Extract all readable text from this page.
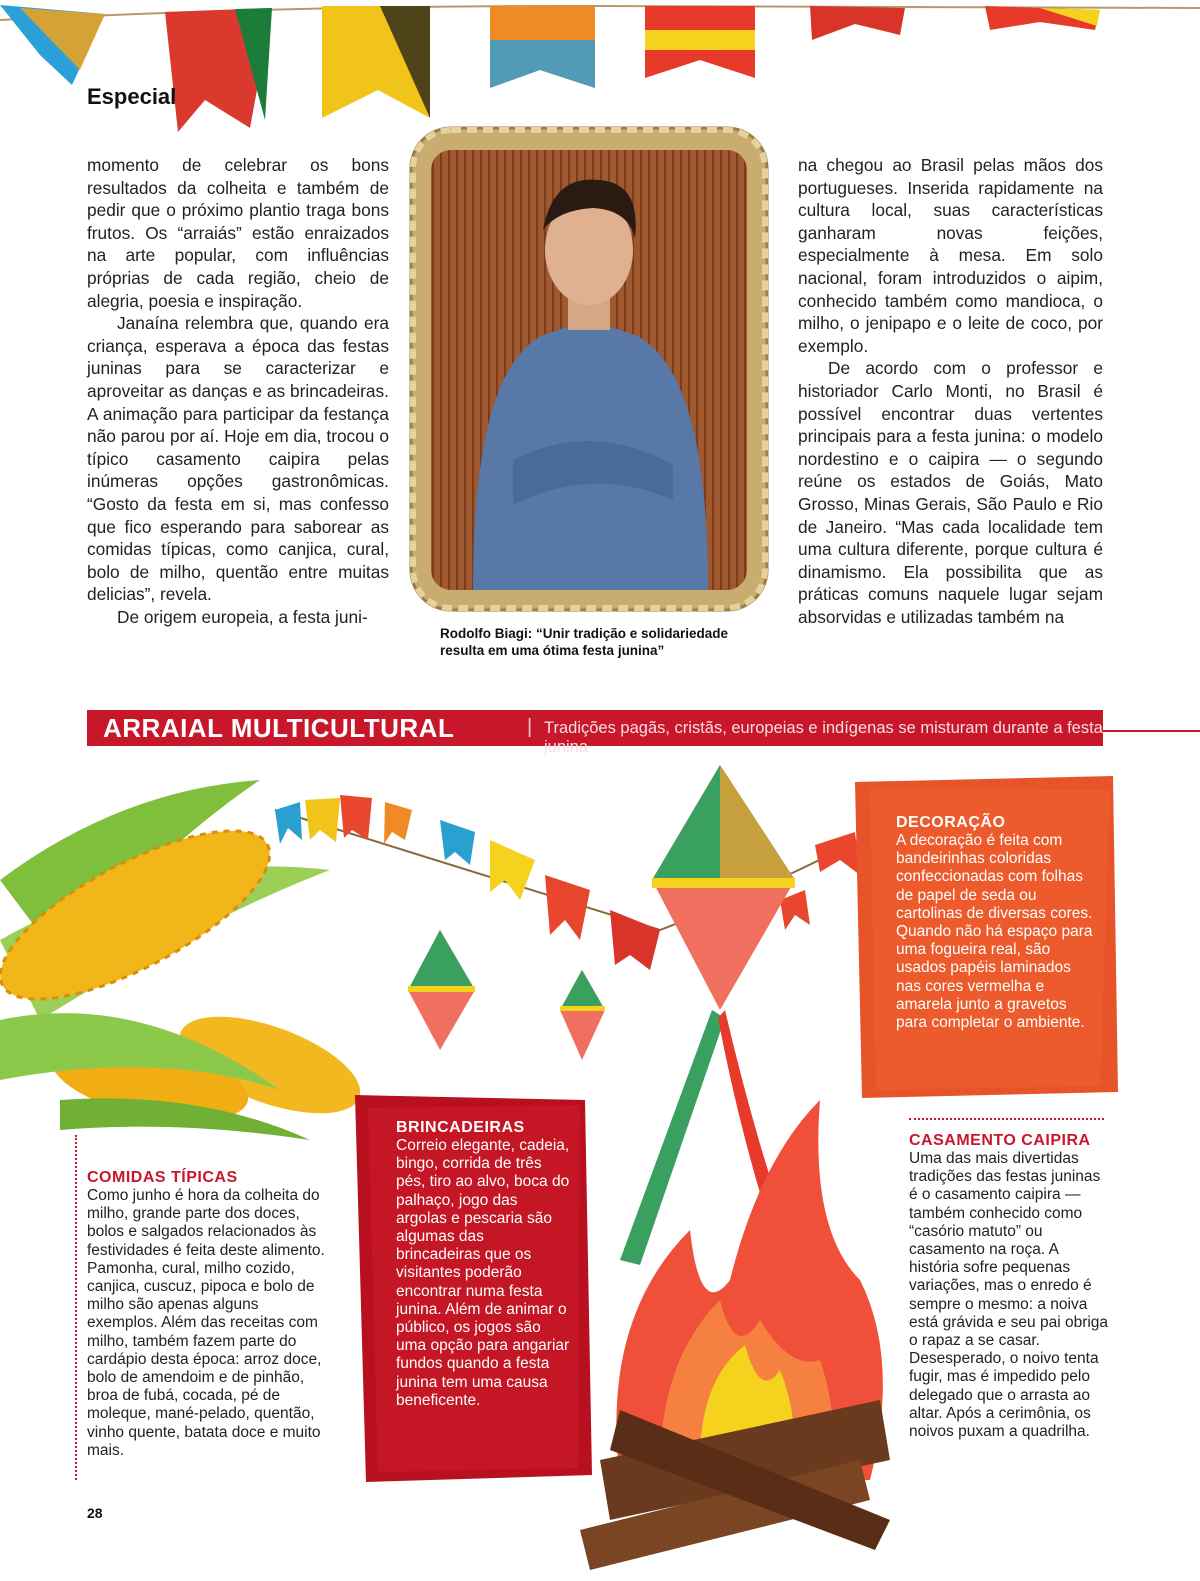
Especial

momento de celebrar os bons resultados da colheita e também de pedir que o próximo plantio traga bons frutos. Os “arraiás” estão enraizados na arte popular, com influências próprias de cada região, cheio de alegria, poesia e inspiração.

Janaína relembra que, quando era criança, esperava a época das festas juninas para se caracterizar e aproveitar as danças e as brincadeiras. A animação para participar da festança não parou por aí. Hoje em dia, trocou o típico casamento caipira pelas inúmeras opções gastronômicas. “Gosto da festa em si, mas confesso que fico esperando para saborear as comidas típicas, como canjica, cural, bolo de milho, quentão entre muitas delicias”, revela.

De origem europeia, a festa juni-

Rodolfo Biagi: “Unir tradição e solidariedade resulta em uma ótima festa junina”

na chegou ao Brasil pelas mãos dos portugueses. Inserida rapidamente na cultura local, suas características ganharam novas feições, especialmente à mesa. Em solo nacional, foram introduzidos o aipim, conhecido também como mandioca, o milho, o jenipapo e o leite de coco, por exemplo.

De acordo com o professor e historiador Carlo Monti, no Brasil é possível encontrar duas vertentes principais para a festa junina: o modelo nordestino e o caipira — o segundo reúne os estados de Goiás, Mato Grosso, Minas Gerais, São Paulo e Rio de Janeiro. “Mas cada localidade tem uma cultura diferente, porque cultura é dinamismo. Ela possibilita que as práticas comuns naquele lugar sejam absorvidas e utilizadas também na

ARRAIAL MULTICULTURAL	| Tradições pagãs, cristãs, europeias e indígenas se misturam durante a festa junina
DECORAÇÃO
A decoração é feita com bandeirinhas coloridas confeccionadas com folhas de papel de seda ou cartolinas de diversas cores. Quando não há espaço para uma fogueira real, são usados papéis laminados nas cores vermelha e amarela junto a gravetos para completar o ambiente.
BRINCADEIRAS
Correio elegante, cadeia, bingo, corrida de três pés, tiro ao alvo, boca do palhaço, jogo das argolas e pescaria são algumas das brincadeiras que os visitantes poderão encontrar numa festa junina. Além de animar o público, os jogos são uma opção para angariar fundos quando a festa junina tem uma causa beneficente.
COMIDAS TÍPICAS
Como junho é hora da colheita do milho, grande parte dos doces, bolos e salgados relacionados às festividades é feita deste alimento. Pamonha, cural, milho cozido, canjica, cuscuz, pipoca e bolo de milho são apenas alguns exemplos. Além das receitas com milho, também fazem parte do cardápio desta época: arroz doce, bolo de amendoim e de pinhão, broa de fubá, cocada, pé de moleque, mané-pelado, quentão, vinho quente, batata doce e muito mais.
CASAMENTO CAIPIRA
Uma das mais divertidas tradições das festas juninas é o casamento caipira — também conhecido como “casório matuto” ou casamento na roça. A história sofre pequenas variações, mas o enredo é sempre o mesmo: a noiva está grávida e seu pai obriga o rapaz a se casar. Desesperado, o noivo tenta fugir, mas é impedido pelo delegado que o arrasta ao altar. Após a cerimônia, os noivos puxam a quadrilha.
28
